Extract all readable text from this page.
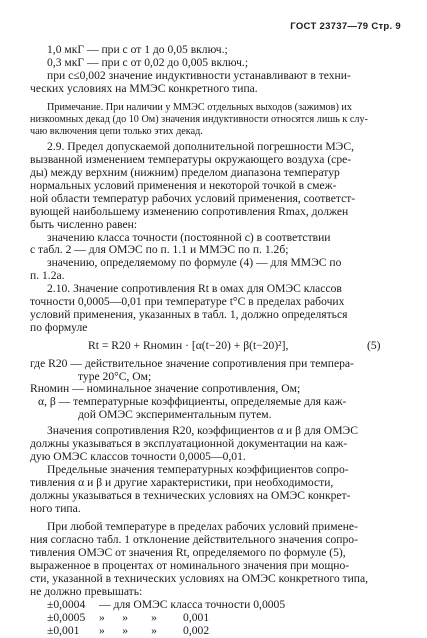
ГОСТ 23737—79 Стр. 9
1,0 мкГ — при с от 1 до 0,05 включ.;
0,3 мкГ — при с от 0,02 до 0,005 включ.;
при с≤0,002 значение индуктивности устанавливают в техни-
ческих условиях на ММЭС конкретного типа.
Примечание. При наличии у ММЭС отдельных выходов (зажимов) их
низкоомных декад (до 10 Ом) значения индуктивности относятся лишь к слу-
чаю включения цепи только этих декад.
2.9. Предел допускаемой дополнительной погрешности МЭС,
вызванной изменением температуры окружающего воздуха (сре-
ды) между верхним (нижним) пределом диапазона температур
нормальных условий применения и некоторой точкой в смеж-
ной области температур рабочих условий применения, соответст-
вующей наибольшему изменению сопротивления Rmax, должен
быть численно равен:
значению класса точности (постоянной с) в соответствии
с табл. 2 — для ОМЭС по п. 1.1 и ММЭС по п. 1.2б;
значению, определяемому по формуле (4) — для ММЭС по
п. 1.2а.
2.10. Значение сопротивления Rt в омах для ОМЭС классов
точности 0,0005—0,01 при температуре t°C в пределах рабочих
условий применения, указанных в табл. 1, должно определяться
по формуле
Rt = R20 + Rномин · [α(t−20) + β(t−20)²],	(5)
где R20 — действительное значение сопротивления при темпера-
туре 20°С, Ом;
Rномин — номинальное значение сопротивления, Ом;
α, β — температурные коэффициенты, определяемые для каж-
дой ОМЭС экспериментальным путем.
Значения сопротивления R20, коэффициентов α и β для ОМЭС
должны указываться в эксплуатационной документации на каж-
дую ОМЭС классов точности 0,0005—0,01.
Предельные значения температурных коэффициентов сопро-
тивления α и β и другие характеристики, при необходимости,
должны указываться в технических условиях на ОМЭС конкрет-
ного типа.
При любой температуре в пределах рабочих условий примене-
ния согласно табл. 1 отклонение действительного значения сопро-
тивления ОМЭС от значения Rt, определяемого по формуле (5),
выраженное в процентах от номинального значения при мощно-
сти, указанной в технических условиях на ОМЭС конкретного типа,
не должно превышать:
±0,0004 — для ОМЭС класса точности 0,0005
±0,0005 »      »        »         0,001
±0,001 »      »        »         0,002
